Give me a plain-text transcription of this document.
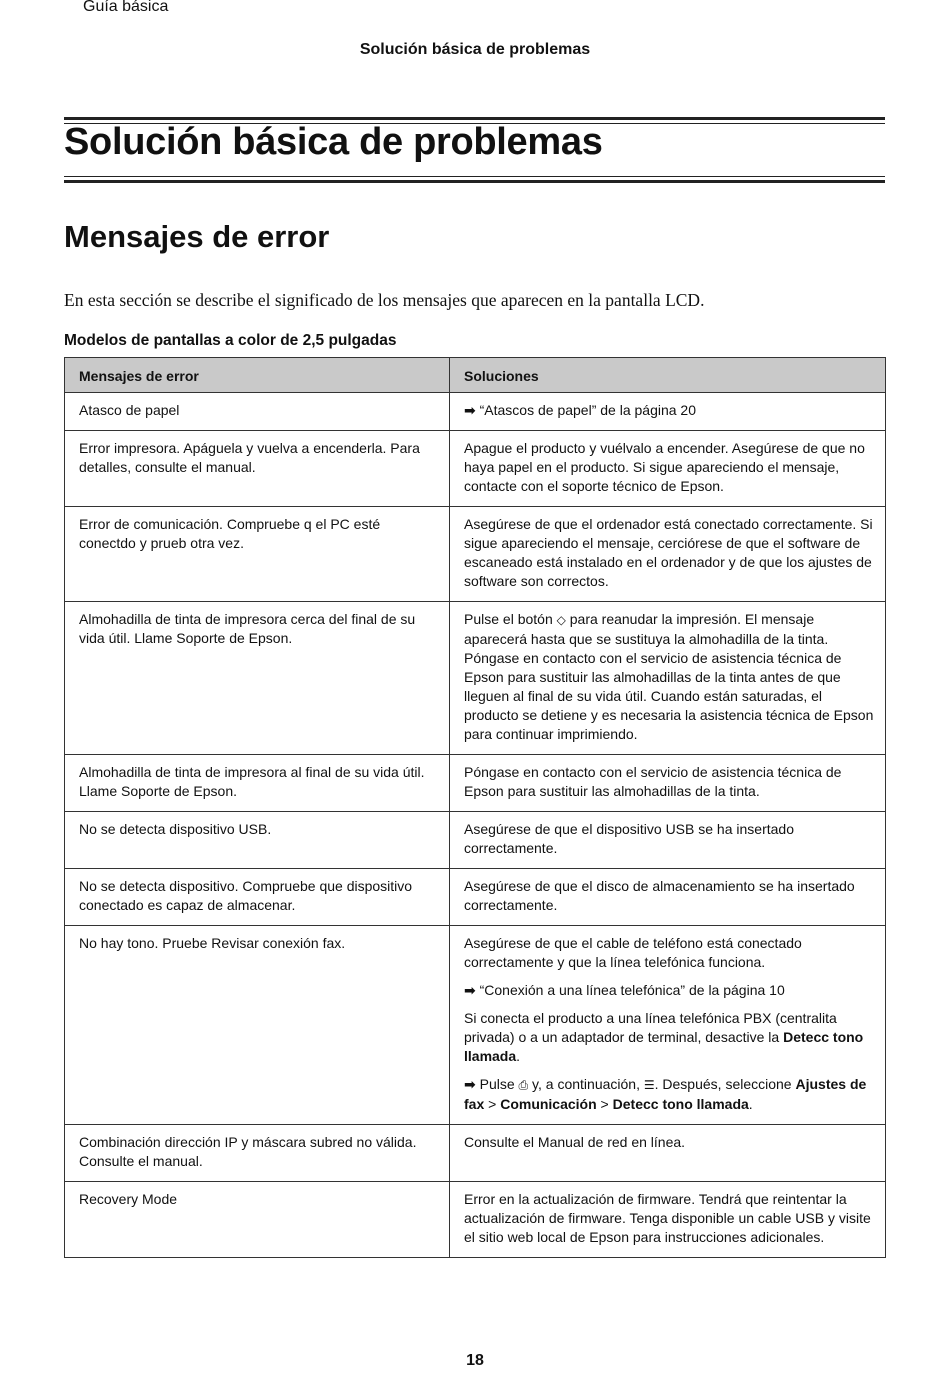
Guía básica
Solución básica de problemas
Solución básica de problemas
Mensajes de error

En esta sección se describe el significado de los mensajes que aparecen en la pantalla LCD.

Modelos de pantallas a color de 2,5 pulgadas

Mensajes de error	Soluciones
Atasco de papel	➡ “Atascos de papel” de la página 20

Error impresora. Apáguela y vuelva a encenderla. Para detalles, consulte el manual.	Apague el producto y vuélvalo a encender. Asegúrese de que no haya papel en el producto. Si sigue apareciendo el mensaje, contacte con el soporte técnico de Epson.

Error de comunicación. Compruebe q el PC esté conectdo y prueb otra vez.	Asegúrese de que el ordenador está conectado correctamente. Si sigue apareciendo el mensaje, cerciórese de que el software de escaneado está instalado en el ordenador y de que los ajustes de software son correctos.

Almohadilla de tinta de impresora cerca del final de su vida útil. Llame Soporte de Epson.	Pulse el botón ◇ para reanudar la impresión. El mensaje aparecerá hasta que se sustituya la almohadilla de la tinta. Póngase en contacto con el servicio de asistencia técnica de Epson para sustituir las almohadillas de la tinta antes de que lleguen al final de su vida útil. Cuando están saturadas, el producto se detiene y es necesaria la asistencia técnica de Epson para continuar imprimiendo.

Almohadilla de tinta de impresora al final de su vida útil. Llame Soporte de Epson.	Póngase en contacto con el servicio de asistencia técnica de Epson para sustituir las almohadillas de la tinta.

No se detecta dispositivo USB.	Asegúrese de que el dispositivo USB se ha insertado correctamente.

No se detecta dispositivo. Compruebe que dispositivo conectado es capaz de almacenar.	Asegúrese de que el disco de almacenamiento se ha insertado correctamente.

No hay tono. Pruebe Revisar conexión fax.	Asegúrese de que el cable de teléfono está conectado correctamente y que la línea telefónica funciona.

➡ “Conexión a una línea telefónica” de la página 10

Si conecta el producto a una línea telefónica PBX (centralita privada) o a un adaptador de terminal, desactive la Detecc tono llamada.

➡ Pulse ⎙ y, a continuación, ☰. Después, seleccione Ajustes de fax > Comunicación > Detecc tono llamada.

Combinación dirección IP y máscara subred no válida. Consulte el manual.	Consulte el Manual de red en línea.

Recovery Mode	Error en la actualización de firmware. Tendrá que reintentar la actualización de firmware. Tenga disponible un cable USB y visite el sitio web local de Epson para instrucciones adicionales.

18
